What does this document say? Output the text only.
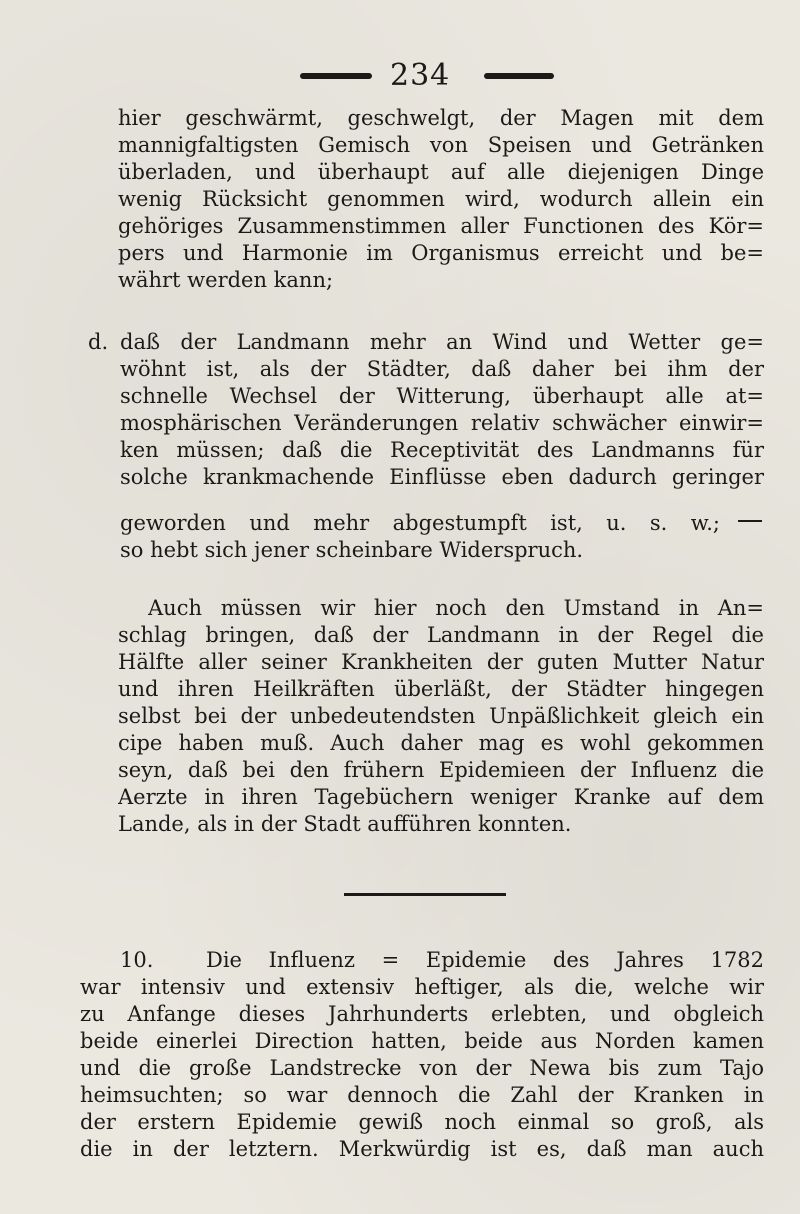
234
hier geschwärmt, geschwelgt, der Magen mit dem
mannigfaltigsten Gemisch von Speisen und Getränken
überladen, und überhaupt auf alle diejenigen Dinge
wenig Rücksicht genommen wird, wodurch allein ein
gehöriges Zusammenstimmen aller Functionen des Kör=
pers und Harmonie im Organismus erreicht und be=
währt werden kann;
d. daß der Landmann mehr an Wind und Wetter ge=
wöhnt ist, als der Städter, daß daher bei ihm der
schnelle Wechsel der Witterung, überhaupt alle at=
mosphärischen Veränderungen relativ schwächer einwir=
ken müssen; daß die Receptivität des Landmanns für
solche krankmachende Einflüsse eben dadurch geringer
geworden und mehr abgestumpft ist, u. s. w.;
so hebt sich jener scheinbare Widerspruch.
Auch müssen wir hier noch den Umstand in An=
schlag bringen, daß der Landmann in der Regel die
Hälfte aller seiner Krankheiten der guten Mutter Natur
und ihren Heilkräften überläßt, der Städter hingegen
selbst bei der unbedeutendsten Unpäßlichkeit gleich ein
cipe haben muß. Auch daher mag es wohl gekommen
seyn, daß bei den frühern Epidemieen der Influenz die
Aerzte in ihren Tagebüchern weniger Kranke auf dem
Lande, als in der Stadt aufführen konnten.
10.	Die Influenz = Epidemie des Jahres 1782
war intensiv und extensiv heftiger, als die, welche wir
zu Anfange dieses Jahrhunderts erlebten, und obgleich
beide einerlei Direction hatten, beide aus Norden kamen
und die große Landstrecke von der Newa bis zum Tajo
heimsuchten; so war dennoch die Zahl der Kranken in
der erstern Epidemie gewiß noch einmal so groß, als
die in der letztern. Merkwürdig ist es, daß man auch
